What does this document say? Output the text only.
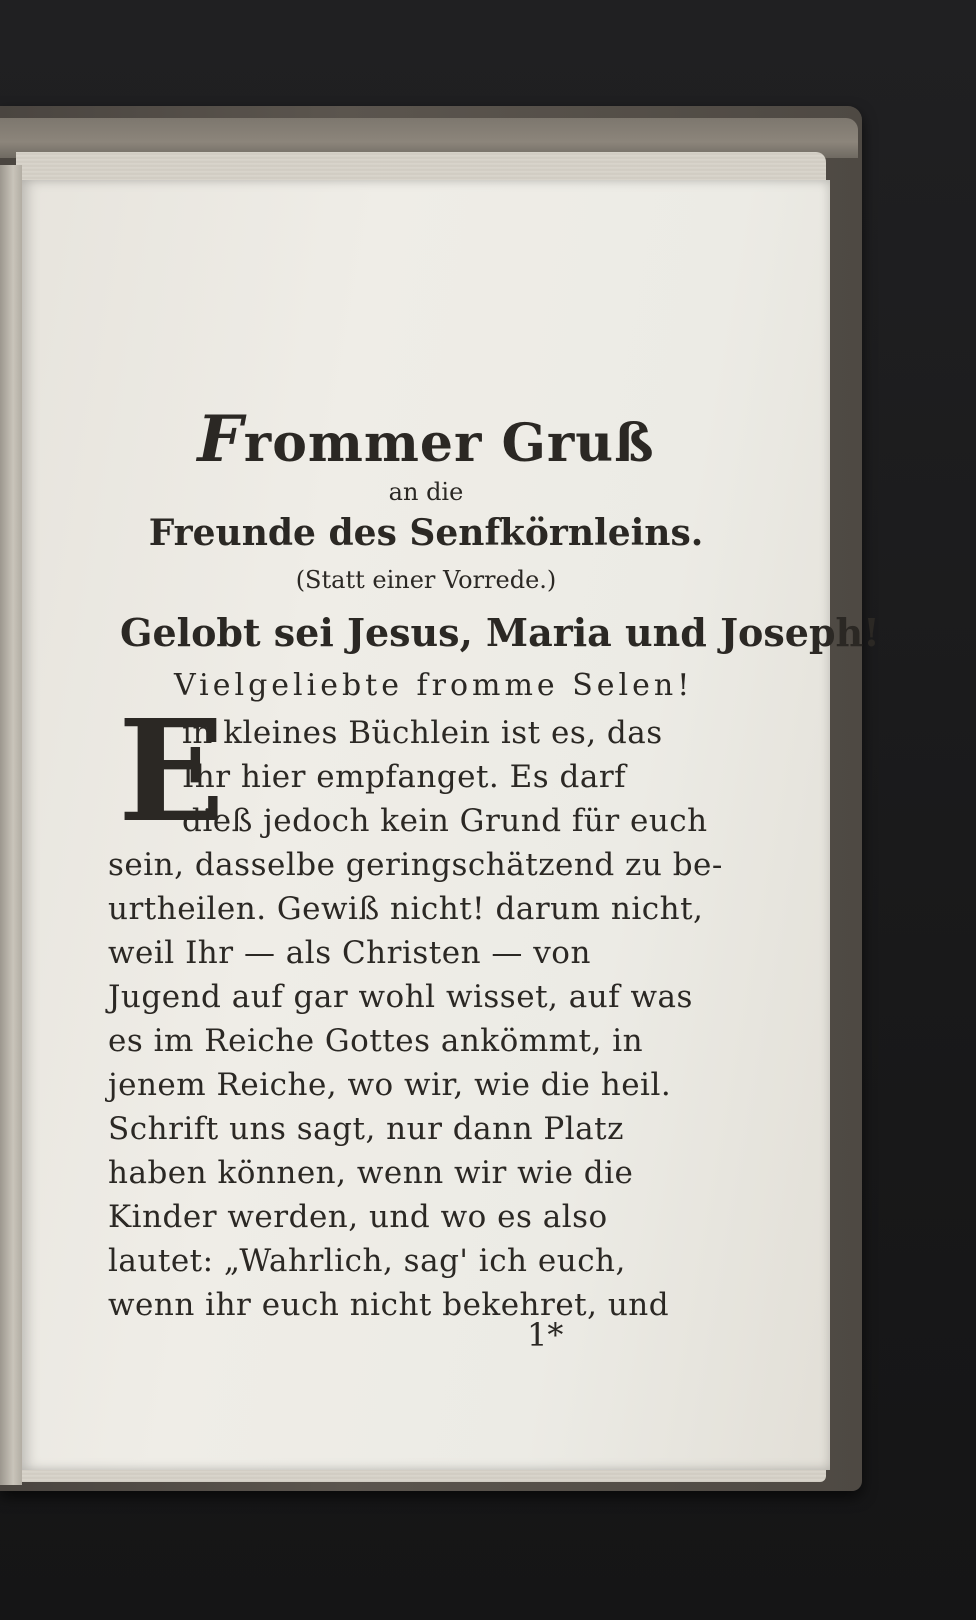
Frommer Gruß
an die
Freunde des Senfkörnleins.
(Statt einer Vorrede.)
Gelobt sei Jesus, Maria und Joseph!
Vielgeliebte fromme Selen!
E
in kleines Büchlein ist es, das
Ihr hier empfanget. Es darf
dieß jedoch kein Grund für euch
sein, dasselbe geringschätzend zu be-
urtheilen. Gewiß nicht! darum nicht,
weil Ihr — als Christen — von
Jugend auf gar wohl wisset, auf was
es im Reiche Gottes ankömmt, in
jenem Reiche, wo wir, wie die heil.
Schrift uns sagt, nur dann Platz
haben können, wenn wir wie die
Kinder werden, und wo es also
lautet: „Wahrlich, sag' ich euch,
wenn ihr euch nicht bekehret, und
1*
